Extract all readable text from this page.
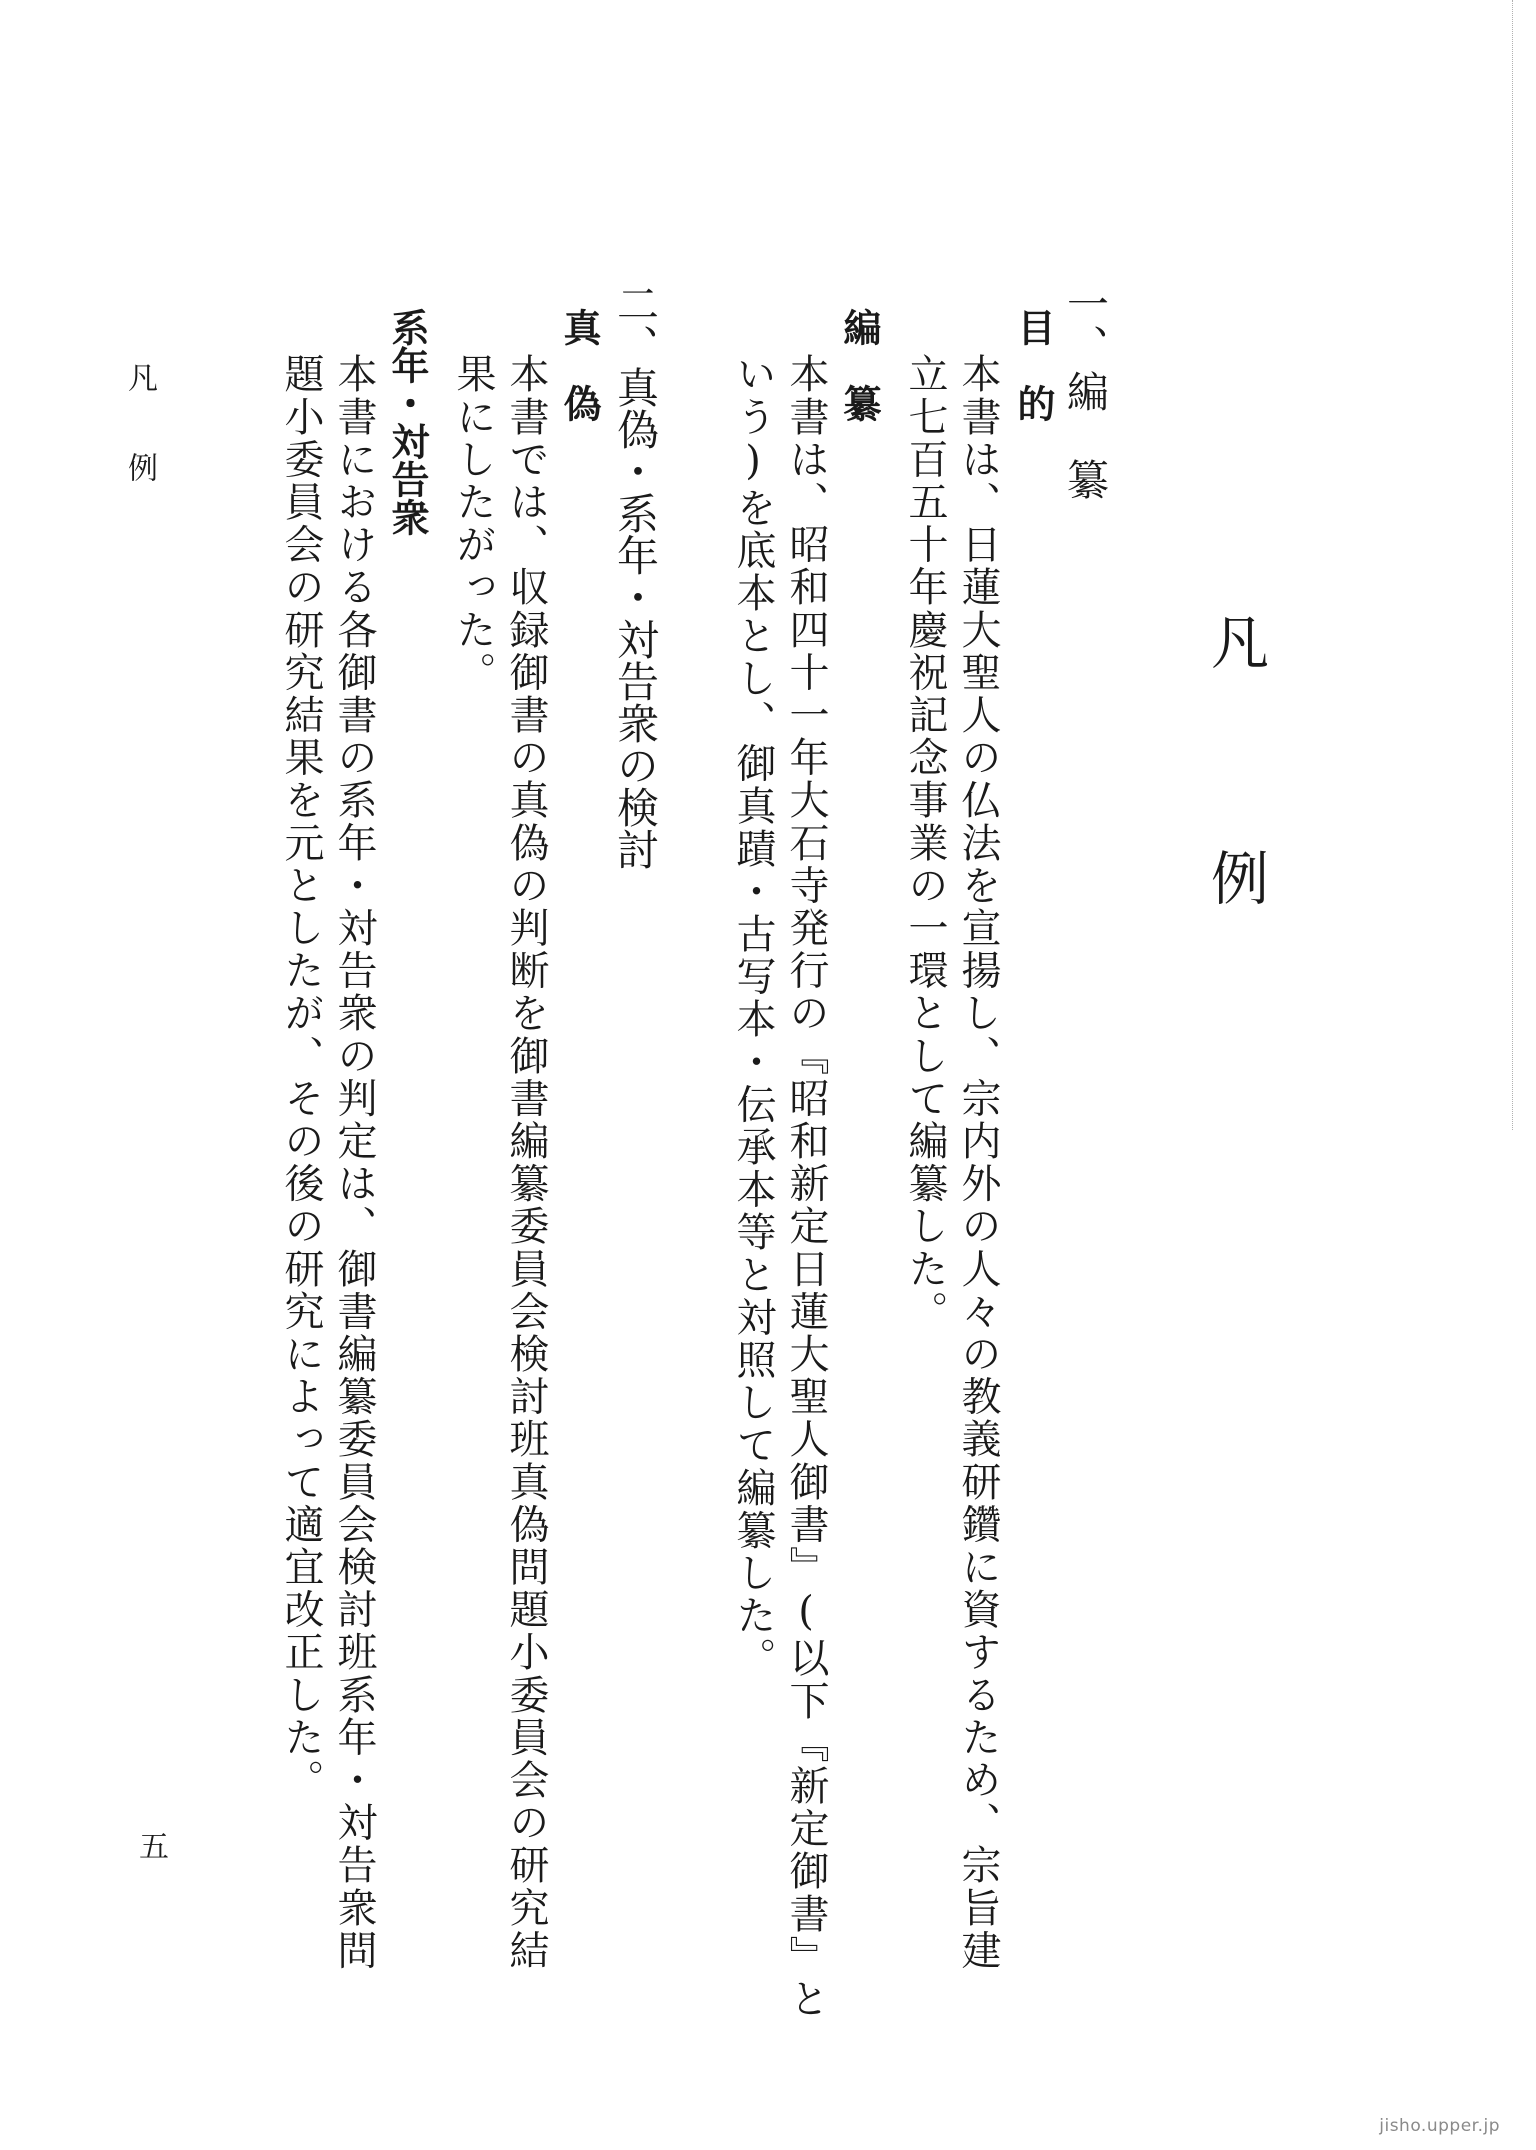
凡
例
一、
編
纂
目　的
本書は、日蓮大聖人の仏法を宣揚し、宗内外の人々の教義研鑽に資するため、宗旨建
立七百五十年慶祝記念事業の一環として編纂した。
編　纂
本書は、昭和四十一年大石寺発行の『昭和新定日蓮大聖人御書』(以下『新定御書』と
いう)を底本とし、御真蹟・古写本・伝承本等と対照して編纂した。
二、真偽・系年・対告衆の検討
真　偽
本書では、収録御書の真偽の判断を御書編纂委員会検討班真偽問題小委員会の研究結
果にしたがった。
系年・対告衆
本書における各御書の系年・対告衆の判定は、御書編纂委員会検討班系年・対告衆問
題小委員会の研究結果を元としたが、その後の研究によって適宜改正した。
凡　　例
五
jisho.upper.jp
